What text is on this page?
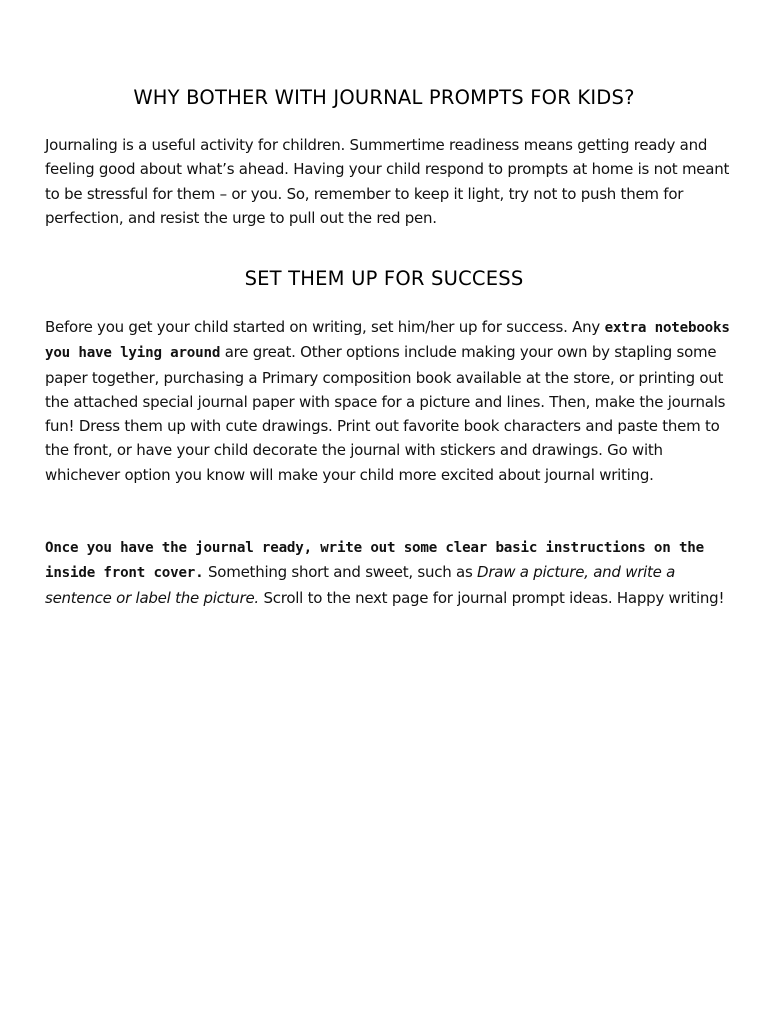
WHY BOTHER WITH JOURNAL PROMPTS FOR KIDS?

Journaling is a useful activity for children. Summertime readiness means getting ready and feeling good about what’s ahead. Having your child respond to prompts at home is not meant to be stressful for them – or you. So, remember to keep it light, try not to push them for perfection, and resist the urge to pull out the red pen.

SET THEM UP FOR SUCCESS

Before you get your child started on writing, set him/her up for success. Any extra notebooks you have lying around are great. Other options include making your own by stapling some paper together, purchasing a Primary composition book available at the store, or printing out the attached special journal paper with space for a picture and lines. Then, make the journals fun! Dress them up with cute drawings. Print out favorite book characters and paste them to the front, or have your child decorate the journal with stickers and drawings. Go with whichever option you know will make your child more excited about journal writing.

Once you have the journal ready, write out some clear basic instructions on the inside front cover. Something short and sweet, such as Draw a picture, and write a sentence or label the picture. Scroll to the next page for journal prompt ideas. Happy writing!
